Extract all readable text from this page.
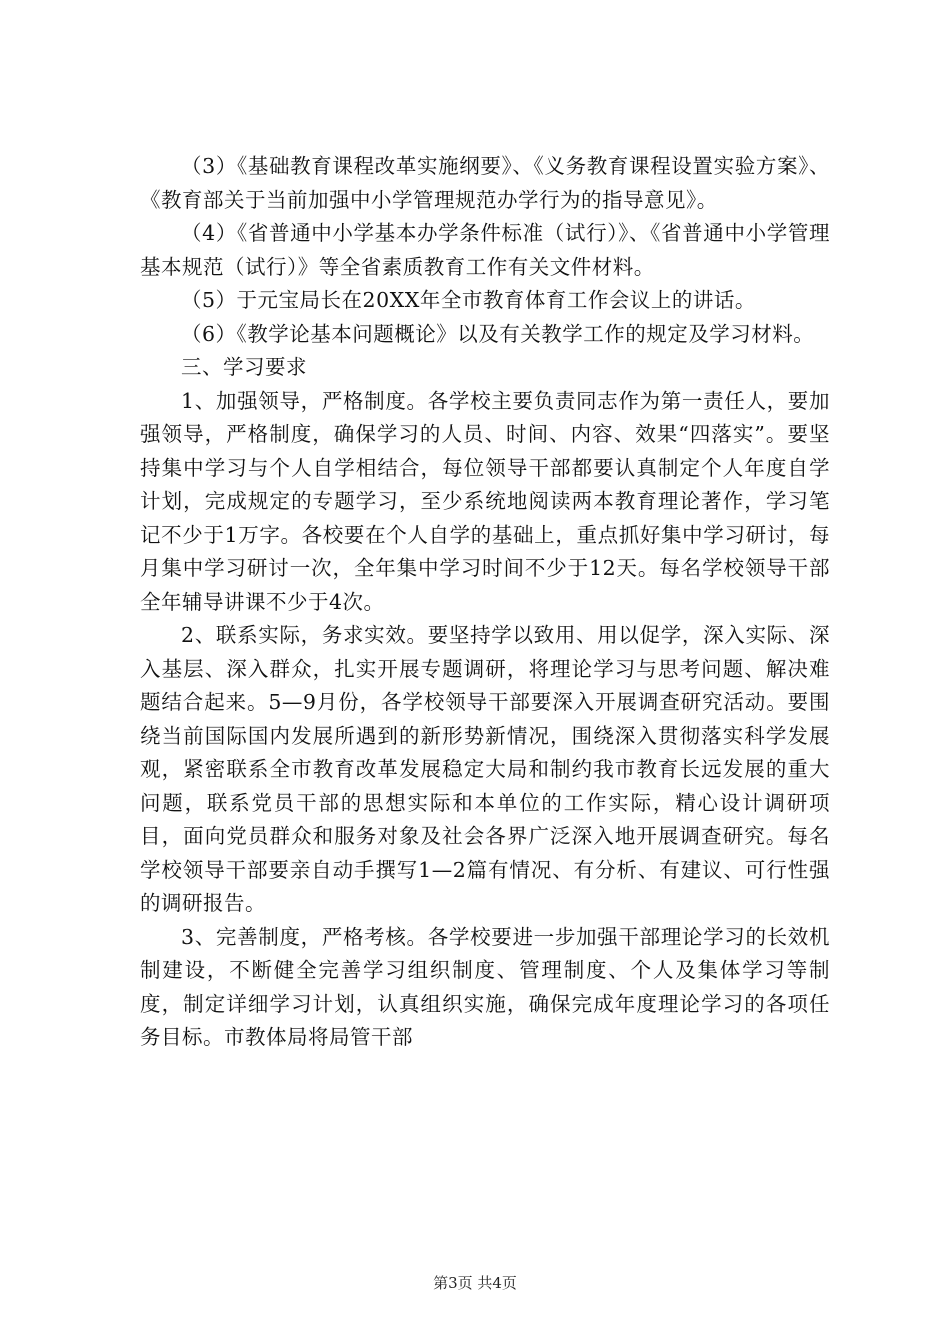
（3）《基础教育课程改革实施纲要》、《义务教育课程设置实验方案》、《教育部关于当前加强中小学管理规范办学行为的指导意见》。

（4）《省普通中小学基本办学条件标准（试行）》、《省普通中小学管理基本规范（试行）》等全省素质教育工作有关文件材料。

（5）于元宝局长在20XX年全市教育体育工作会议上的讲话。

（6）《教学论基本问题概论》以及有关教学工作的规定及学习材料。

三、学习要求

1、加强领导，严格制度。各学校主要负责同志作为第一责任人，要加强领导，严格制度，确保学习的人员、时间、内容、效果“四落实”。要坚持集中学习与个人自学相结合，每位领导干部都要认真制定个人年度自学计划，完成规定的专题学习，至少系统地阅读两本教育理论著作，学习笔记不少于1万字。各校要在个人自学的基础上，重点抓好集中学习研讨，每月集中学习研讨一次，全年集中学习时间不少于12天。每名学校领导干部全年辅导讲课不少于4次。

2、联系实际，务求实效。要坚持学以致用、用以促学，深入实际、深入基层、深入群众，扎实开展专题调研，将理论学习与思考问题、解决难题结合起来。5—9月份，各学校领导干部要深入开展调查研究活动。要围绕当前国际国内发展所遇到的新形势新情况，围绕深入贯彻落实科学发展观，紧密联系全市教育改革发展稳定大局和制约我市教育长远发展的重大问题，联系党员干部的思想实际和本单位的工作实际，精心设计调研项目，面向党员群众和服务对象及社会各界广泛深入地开展调查研究。每名学校领导干部要亲自动手撰写1—2篇有情况、有分析、有建议、可行性强的调研报告。

3、完善制度，严格考核。各学校要进一步加强干部理论学习的长效机制建设，不断健全完善学习组织制度、管理制度、个人及集体学习等制度，制定详细学习计划，认真组织实施，确保完成年度理论学习的各项任务目标。市教体局将局管干部

第3页 共4页
